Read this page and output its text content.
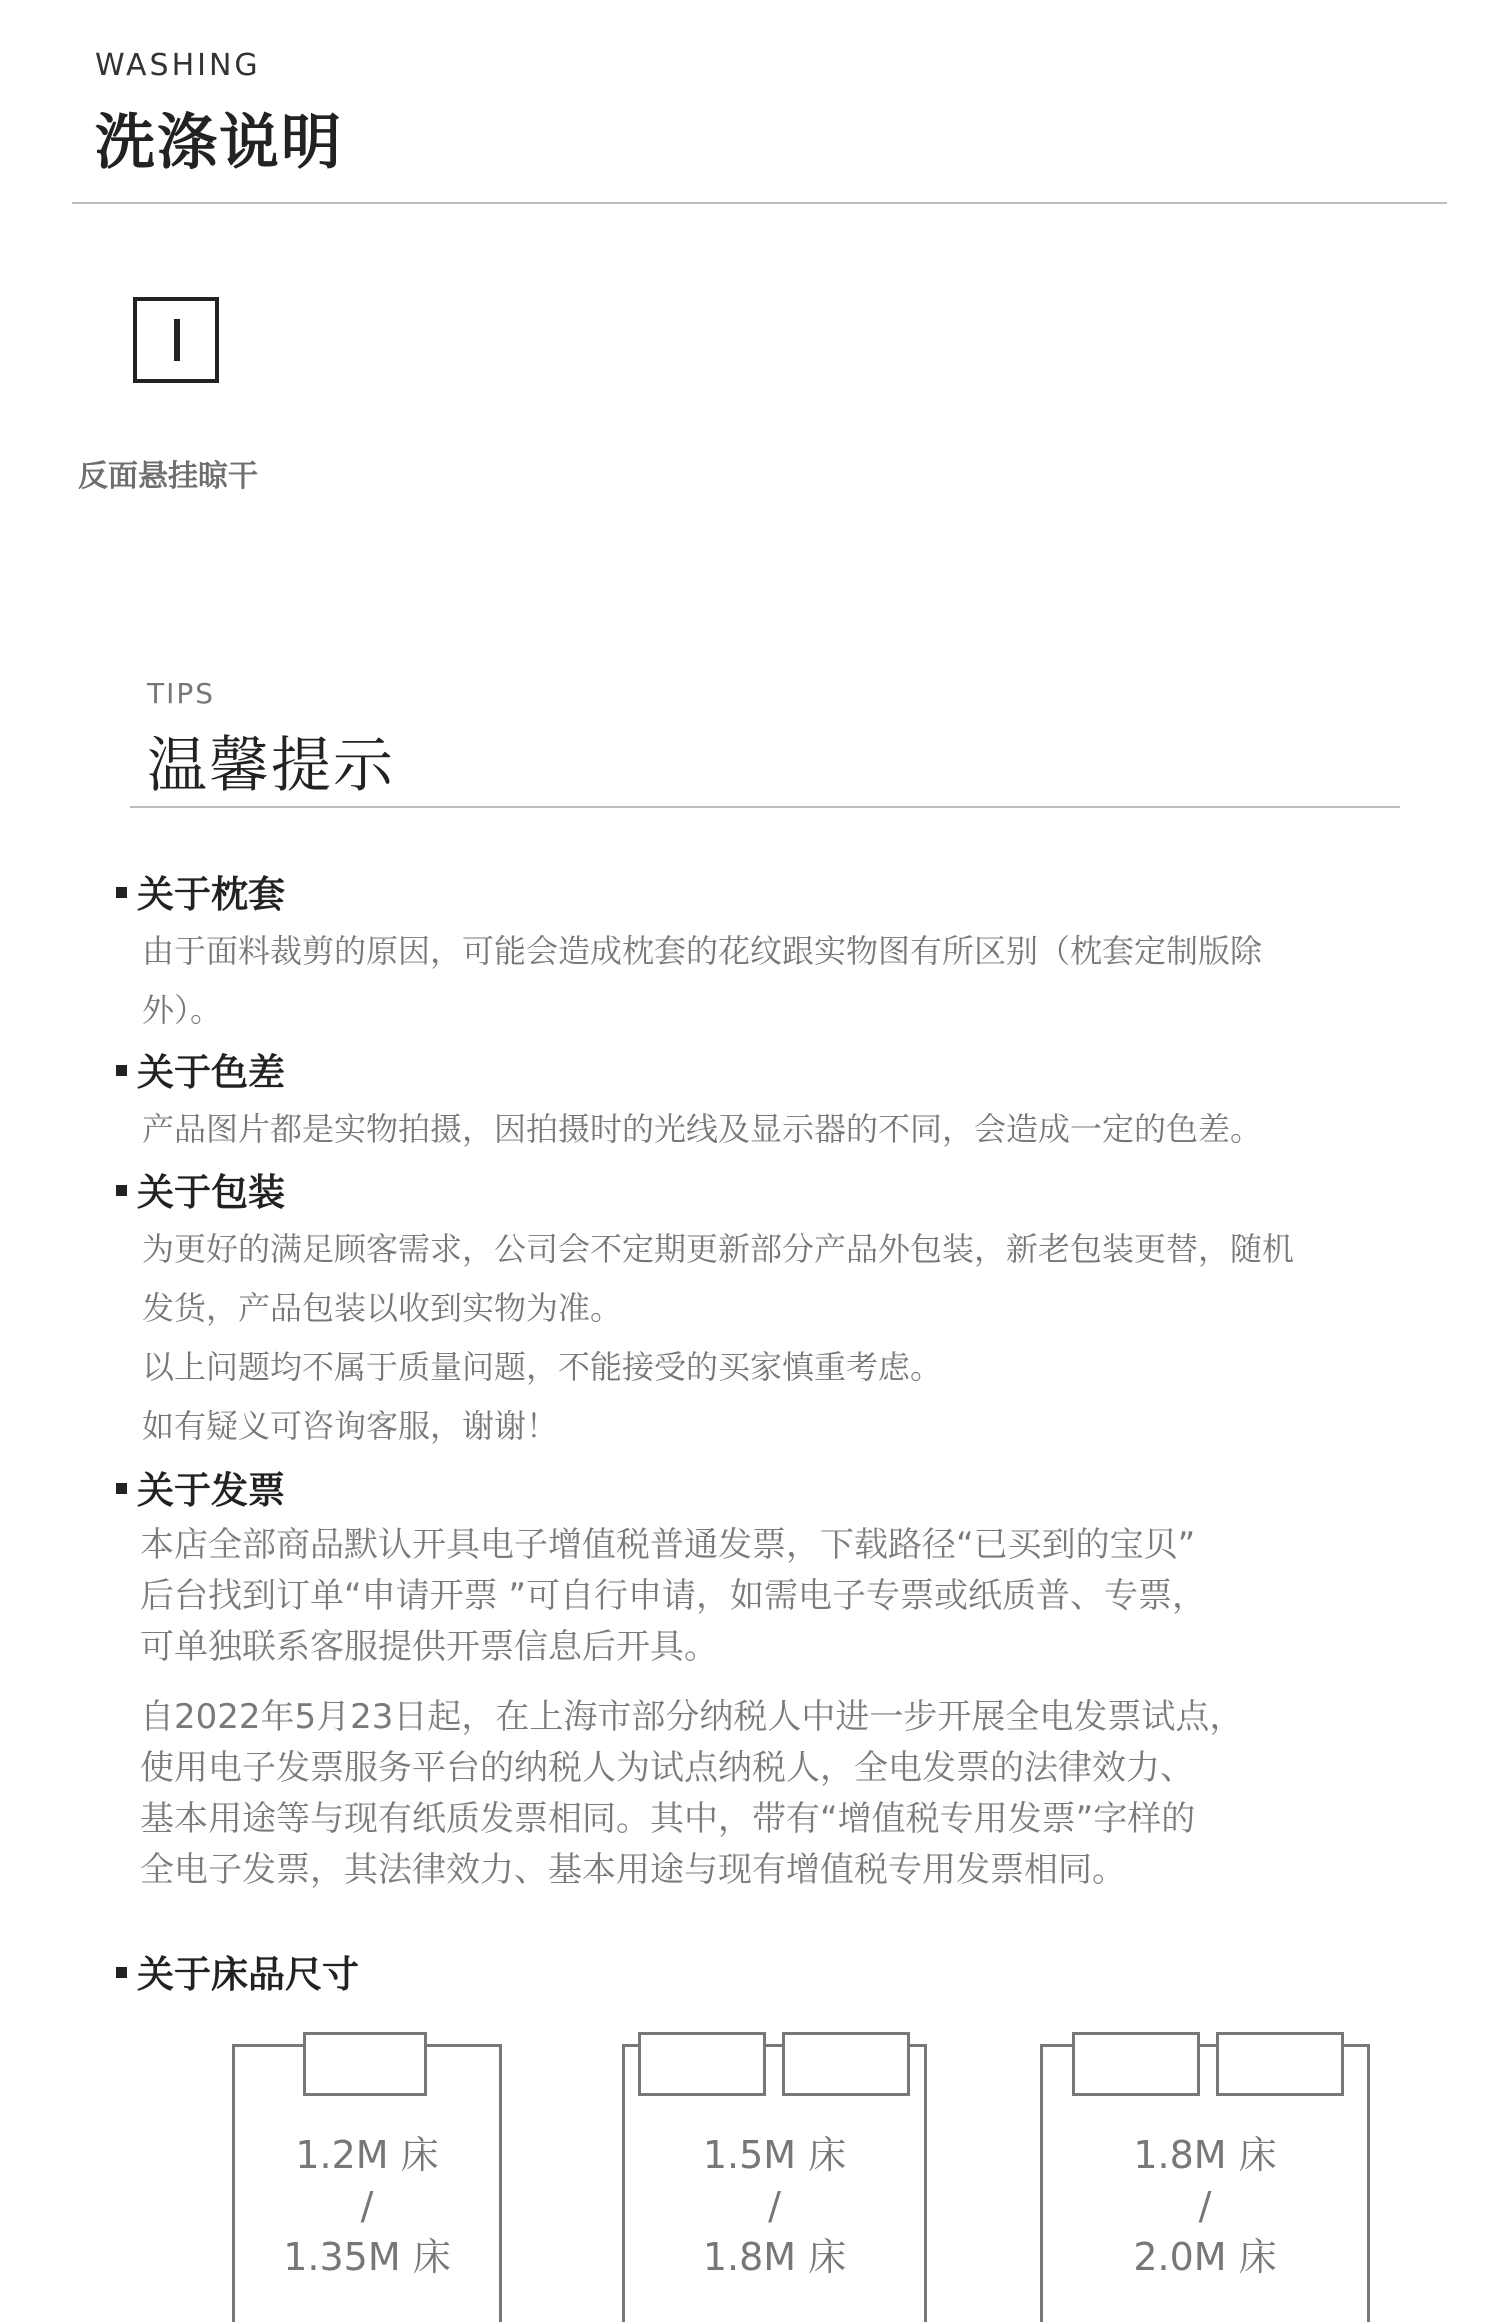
WASHING
洗涤说明
反面悬挂晾干
TIPS
温馨提示
关于枕套
由于面料裁剪的原因，可能会造成枕套的花纹跟实物图有所区别（枕套定制版除
外）。
关于色差
产品图片都是实物拍摄，因拍摄时的光线及显示器的不同，会造成一定的色差。
关于包装
为更好的满足顾客需求，公司会不定期更新部分产品外包装，新老包装更替，随机
发货，产品包装以收到实物为准。
以上问题均不属于质量问题，不能接受的买家慎重考虑。
如有疑义可咨询客服，谢谢！
关于发票
本店全部商品默认开具电子增值税普通发票，下载路径“已买到的宝贝”
后台找到订单“申请开票 ”可自行申请，如需电子专票或纸质普、专票，
可单独联系客服提供开票信息后开具。
自2022年5月23日起，在上海市部分纳税人中进一步开展全电发票试点，
使用电子发票服务平台的纳税人为试点纳税人，全电发票的法律效力、
基本用途等与现有纸质发票相同。其中，带有“增值税专用发票”字样的
全电子发票，其法律效力、基本用途与现有增值税专用发票相同。
关于床品尺寸
1.2M 床
/
1.35M 床
1.5M 床
/
1.8M 床
1.8M 床
/
2.0M 床
